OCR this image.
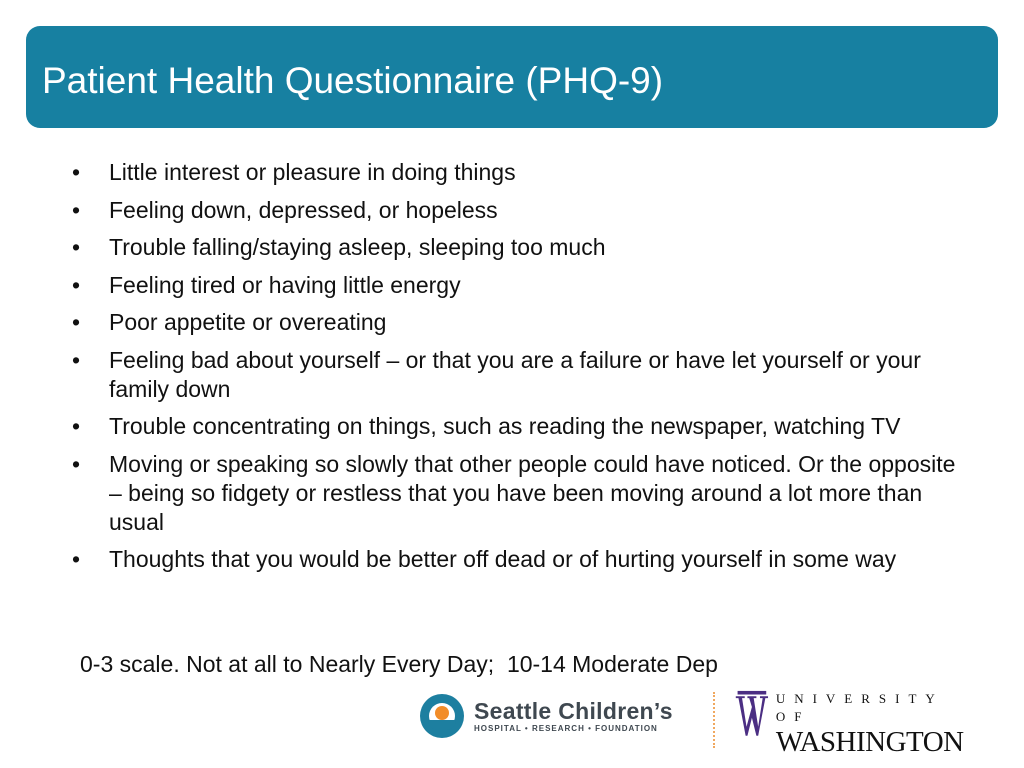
Patient Health Questionnaire (PHQ-9)
• Little interest or pleasure in doing things
• Feeling down, depressed, or hopeless
• Trouble falling/staying asleep, sleeping too much
• Feeling tired or having little energy
• Poor appetite or overeating
• Feeling bad about yourself – or that you are a failure or have let yourself or your family down
• Trouble concentrating on things, such as reading the newspaper, watching TV
• Moving or speaking so slowly that other people could have noticed. Or the opposite – being so fidgety or restless that you have been moving around a lot more than usual
• Thoughts that you would be better off dead or of hurting yourself in some way
0-3 scale. Not at all to Nearly Every Day;  10-14 Moderate Dep
Seattle Children’s
HOSPITAL • RESEARCH • FOUNDATION
UNIVERSITY OF
WASHINGTON
